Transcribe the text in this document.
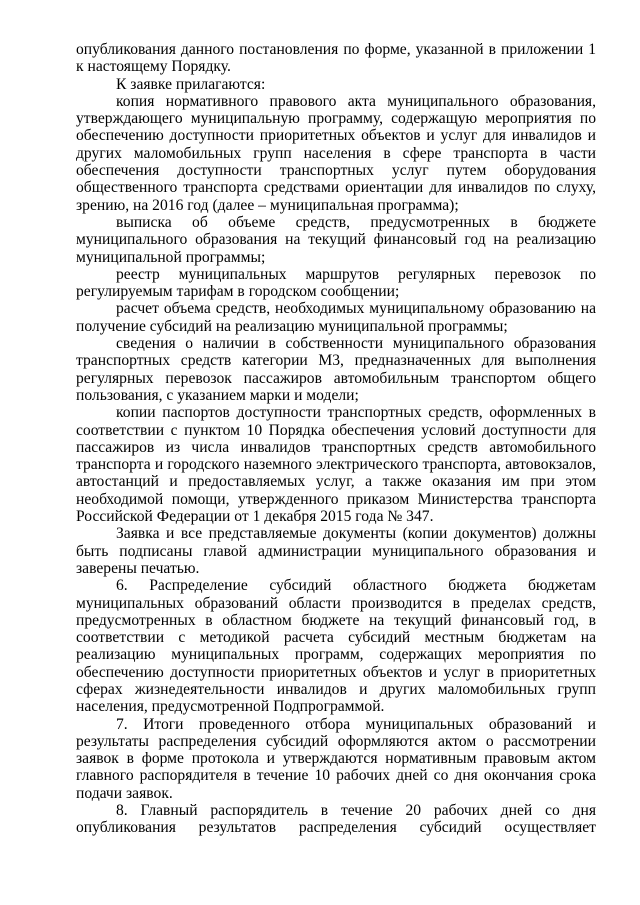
опубликования данного постановления по форме, указанной в приложении 1 к настоящему Порядку.

К заявке прилагаются:

копия нормативного правового акта муниципального образования, утверждающего муниципальную программу, содержащую мероприятия по обеспечению доступности приоритетных объектов и услуг для инвалидов и других маломобильных групп населения в сфере транспорта в части обеспечения доступности транспортных услуг путем оборудования общественного транспорта средствами ориентации для инвалидов по слуху, зрению, на 2016 год (далее – муниципальная программа);

выписка об объеме средств, предусмотренных в бюджете муниципального образования на текущий финансовый год на реализацию муниципальной программы;

реестр муниципальных маршрутов регулярных перевозок по регулируемым тарифам в городском сообщении;

расчет объема средств, необходимых муниципальному образованию на получение субсидий на реализацию муниципальной программы;

сведения о наличии в собственности муниципального образования транспортных средств категории М3, предназначенных для выполнения регулярных перевозок пассажиров автомобильным транспортом общего пользования, с указанием марки и модели;

копии паспортов доступности транспортных средств, оформленных в соответствии с пунктом 10 Порядка обеспечения условий доступности для пассажиров из числа инвалидов транспортных средств автомобильного транспорта и городского наземного электрического транспорта, автовокзалов, автостанций и предоставляемых услуг, а также оказания им при этом необходимой помощи, утвержденного приказом Министерства транспорта Российской Федерации от 1 декабря 2015 года № 347.

Заявка и все представляемые документы (копии документов) должны быть подписаны главой администрации муниципального образования и заверены печатью.

6. Распределение субсидий областного бюджета бюджетам муниципальных образований области производится в пределах средств, предусмотренных в областном бюджете на текущий финансовый год, в соответствии с методикой расчета субсидий местным бюджетам на реализацию муниципальных программ, содержащих мероприятия по обеспечению доступности приоритетных объектов и услуг в приоритетных сферах жизнедеятельности инвалидов и других маломобильных групп населения, предусмотренной Подпрограммой.

7. Итоги проведенного отбора муниципальных образований и результаты распределения субсидий оформляются актом о рассмотрении заявок в форме протокола и утверждаются нормативным правовым актом главного распорядителя в течение 10 рабочих дней со дня окончания срока подачи заявок.

8. Главный распорядитель в течение 20 рабочих дней со дня опубликования результатов распределения субсидий осуществляет
